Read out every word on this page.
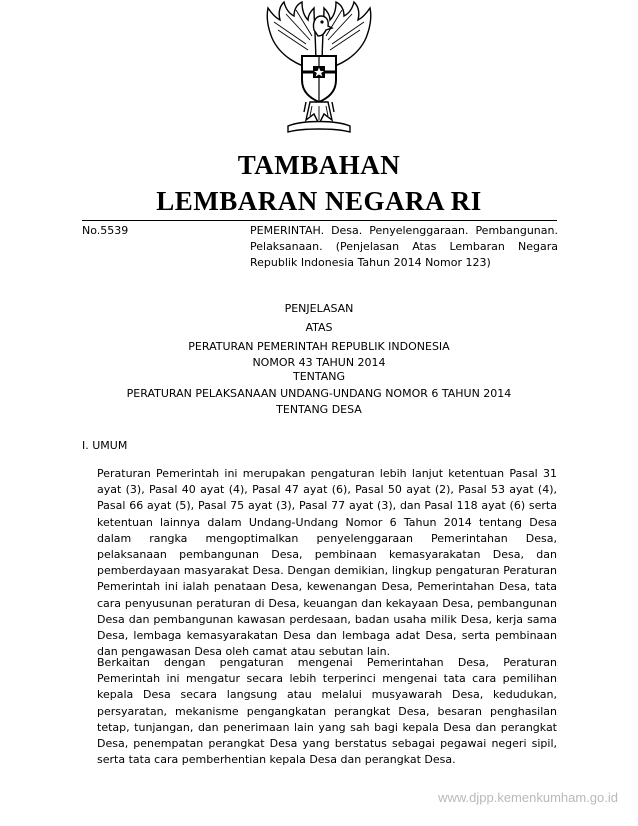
TAMBAHAN
LEMBARAN NEGARA RI
No.5539	PEMERINTAH. Desa. Penyelenggaraan. Pembangunan. Pelaksanaan. (Penjelasan Atas Lembaran Negara Republik Indonesia Tahun 2014 Nomor 123)
PENJELASAN
ATAS
PERATURAN PEMERINTAH REPUBLIK INDONESIA
NOMOR 43 TAHUN 2014
TENTANG
PERATURAN PELAKSANAAN UNDANG-UNDANG NOMOR 6 TAHUN 2014
TENTANG DESA
I. UMUM
Peraturan Pemerintah ini merupakan pengaturan lebih lanjut ketentuan Pasal 31 ayat (3), Pasal 40 ayat (4), Pasal 47 ayat (6), Pasal 50 ayat (2), Pasal 53 ayat (4), Pasal 66 ayat (5), Pasal 75 ayat (3), Pasal 77 ayat (3), dan Pasal 118 ayat (6) serta ketentuan lainnya dalam Undang-Undang Nomor 6 Tahun 2014 tentang Desa dalam rangka mengoptimalkan penyelenggaraan Pemerintahan Desa, pelaksanaan pembangunan Desa, pembinaan kemasyarakatan Desa, dan pemberdayaan masyarakat Desa. Dengan demikian, lingkup pengaturan Peraturan Pemerintah ini ialah penataan Desa, kewenangan Desa, Pemerintahan Desa, tata cara penyusunan peraturan di Desa, keuangan dan kekayaan Desa, pembangunan Desa dan pembangunan kawasan perdesaan, badan usaha milik Desa, kerja sama Desa, lembaga kemasyarakatan Desa dan lembaga adat Desa, serta pembinaan dan pengawasan Desa oleh camat atau sebutan lain.
Berkaitan dengan pengaturan mengenai Pemerintahan Desa, Peraturan Pemerintah ini mengatur secara lebih terperinci mengenai tata cara pemilihan kepala Desa secara langsung atau melalui musyawarah Desa, kedudukan, persyaratan, mekanisme pengangkatan perangkat Desa, besaran penghasilan tetap, tunjangan, dan penerimaan lain yang sah bagi kepala Desa dan perangkat Desa, penempatan perangkat Desa yang berstatus sebagai pegawai negeri sipil, serta tata cara pemberhentian kepala Desa dan perangkat Desa.
www.djpp.kemenkumham.go.id
